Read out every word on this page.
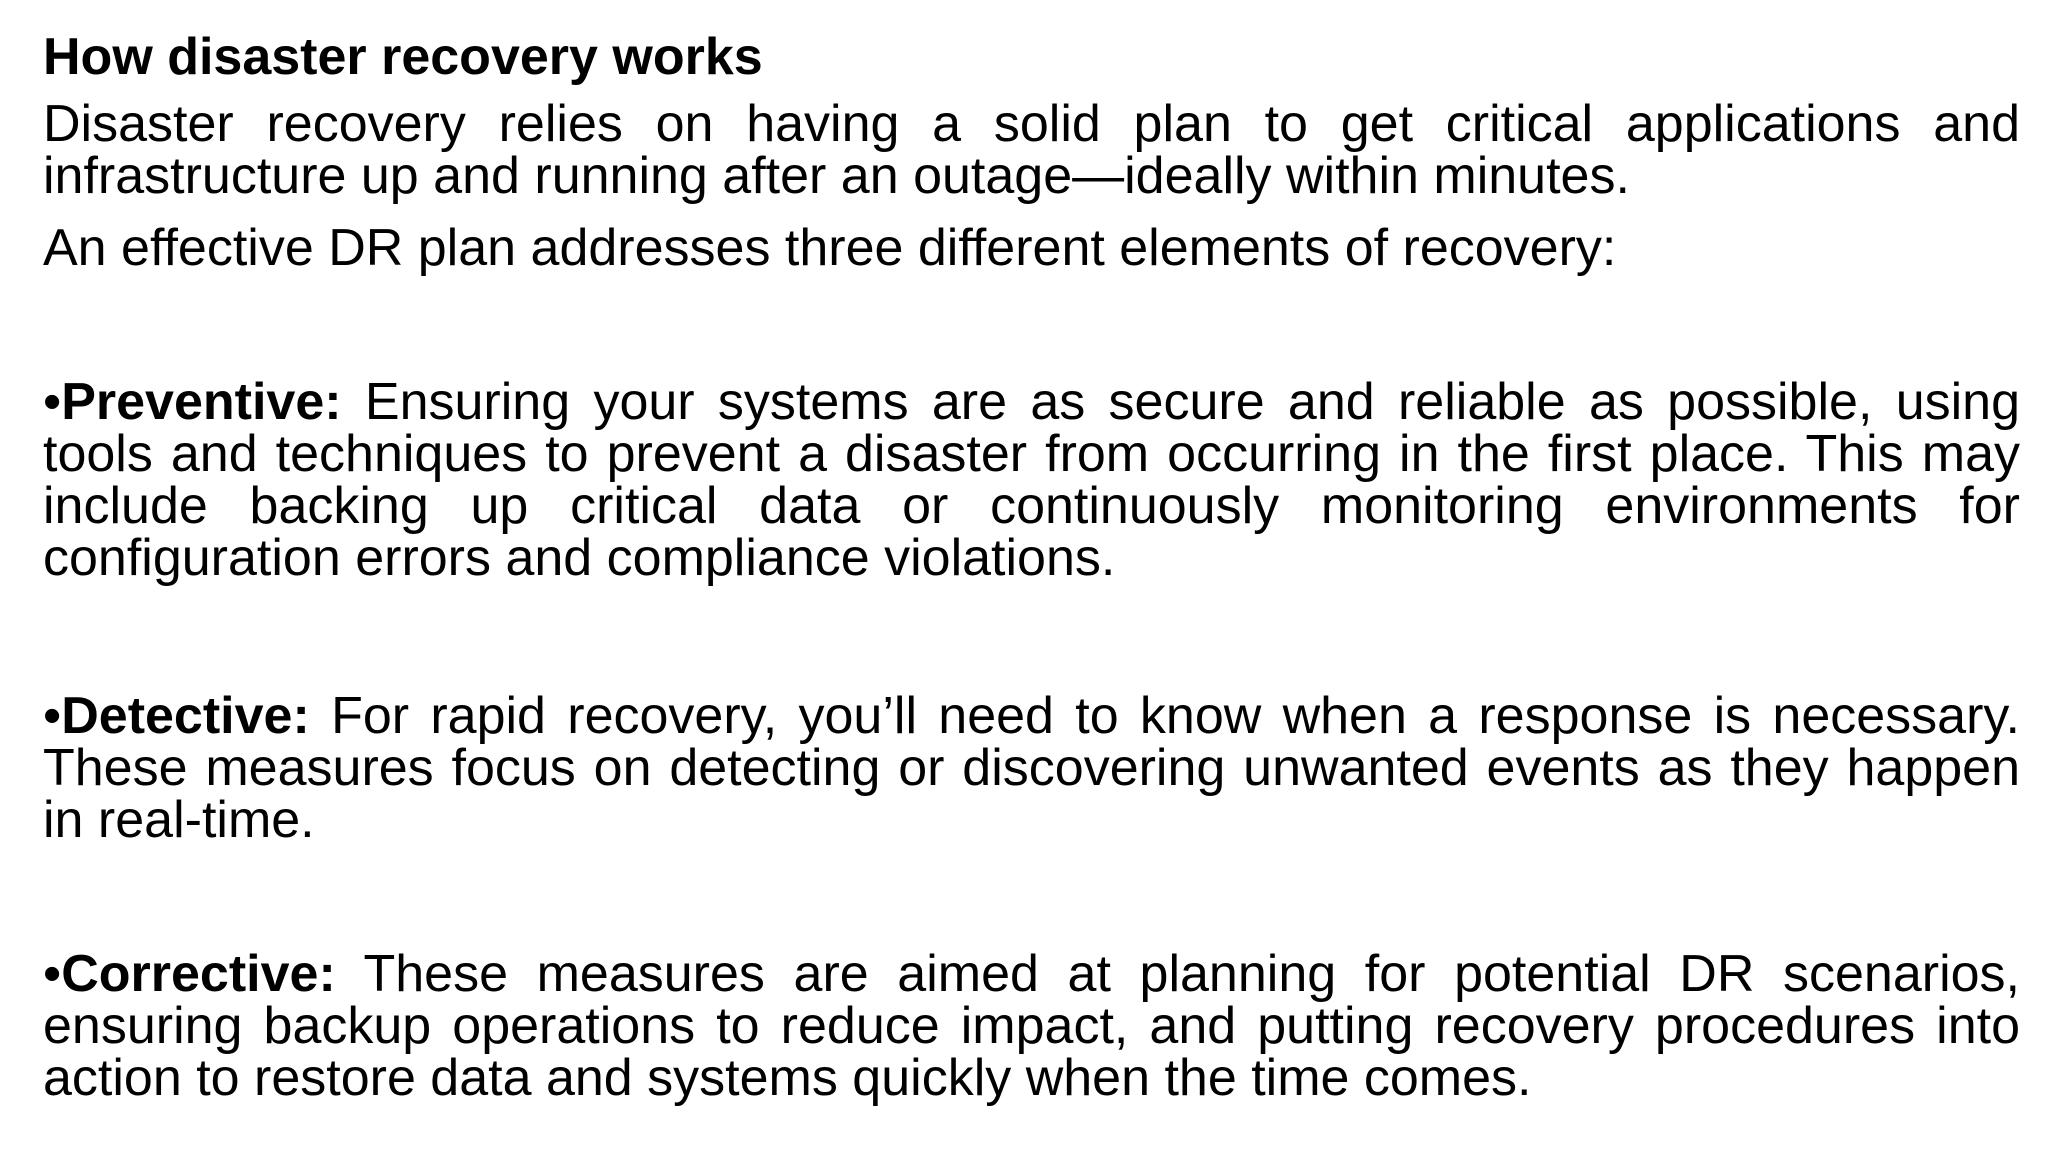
How disaster recovery works

Disaster recovery relies on having a solid plan to get critical applications and infrastructure up and running after an outage—ideally within minutes.

An effective DR plan addresses three different elements of recovery:

•Preventive: Ensuring your systems are as secure and reliable as possible, using tools and techniques to prevent a disaster from occurring in the first place. This may include backing up critical data or continuously monitoring environments for configuration errors and compliance violations.

•Detective: For rapid recovery, you’ll need to know when a response is necessary. These measures focus on detecting or discovering unwanted events as they happen in real-time.

•Corrective: These measures are aimed at planning for potential DR scenarios, ensuring backup operations to reduce impact, and putting recovery procedures into action to restore data and systems quickly when the time comes.
